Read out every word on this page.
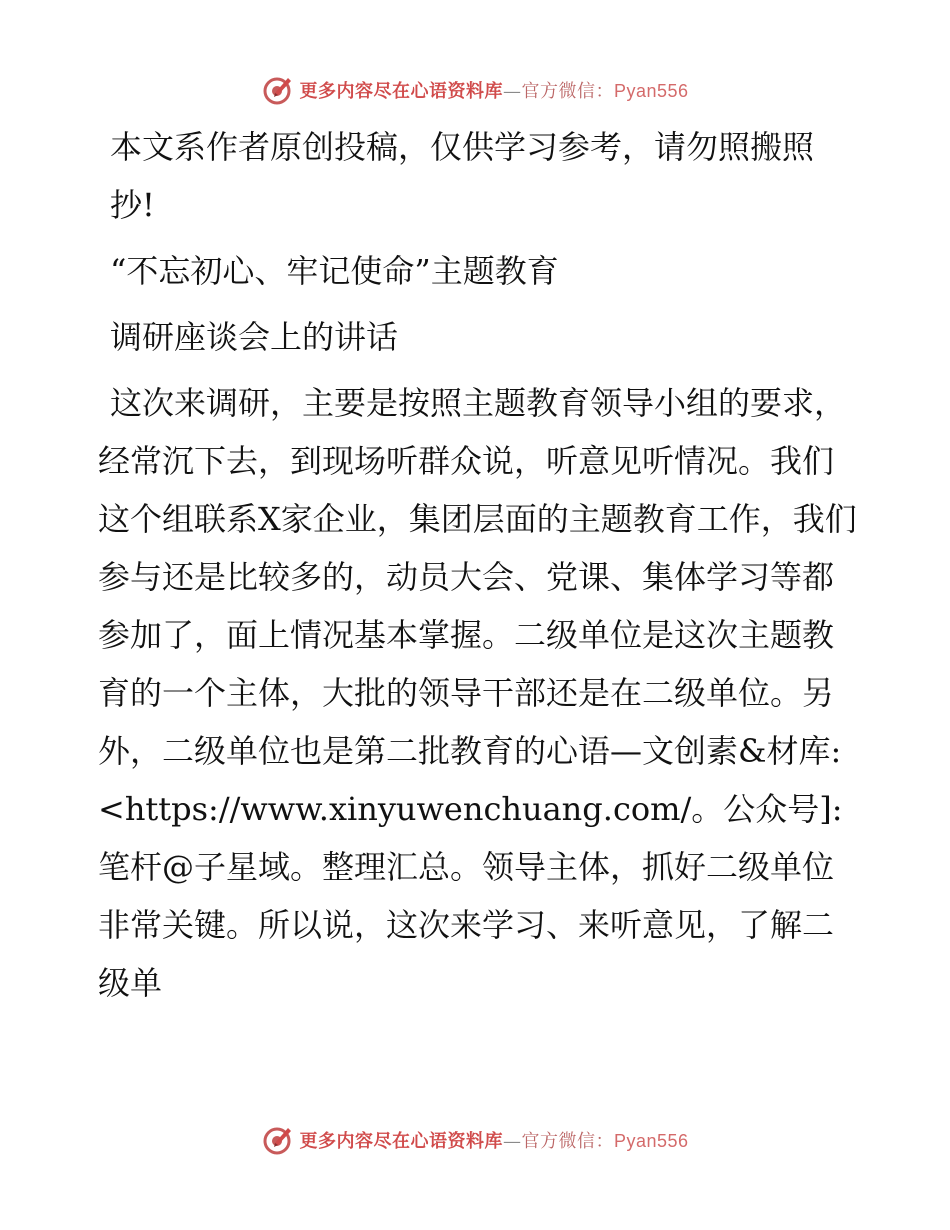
更多内容尽在心语资料库—官方微信：Pyan556

本文系作者原创投稿，仅供学习参考，请勿照搬照抄!

“不忘初心、牢记使命”主题教育

调研座谈会上的讲话

这次来调研，主要是按照主题教育领导小组的要求，经常沉下去，到现场听群众说，听意见听情况。我们这个组联系X家企业，集团层面的主题教育工作，我们参与还是比较多的，动员大会、党课、集体学习等都参加了，面上情况基本掌握。二级单位是这次主题教育的一个主体，大批的领导干部还是在二级单位。另外，二级单位也是第二批教育的心语—文创素&材库: <https://www.xinyuwenchuang.com/。公众号]: 笔杆@子星域。整理汇总。领导主体，抓好二级单位非常关键。所以说，这次来学习、来听意见，了解二级单

更多内容尽在心语资料库—官方微信：Pyan556
